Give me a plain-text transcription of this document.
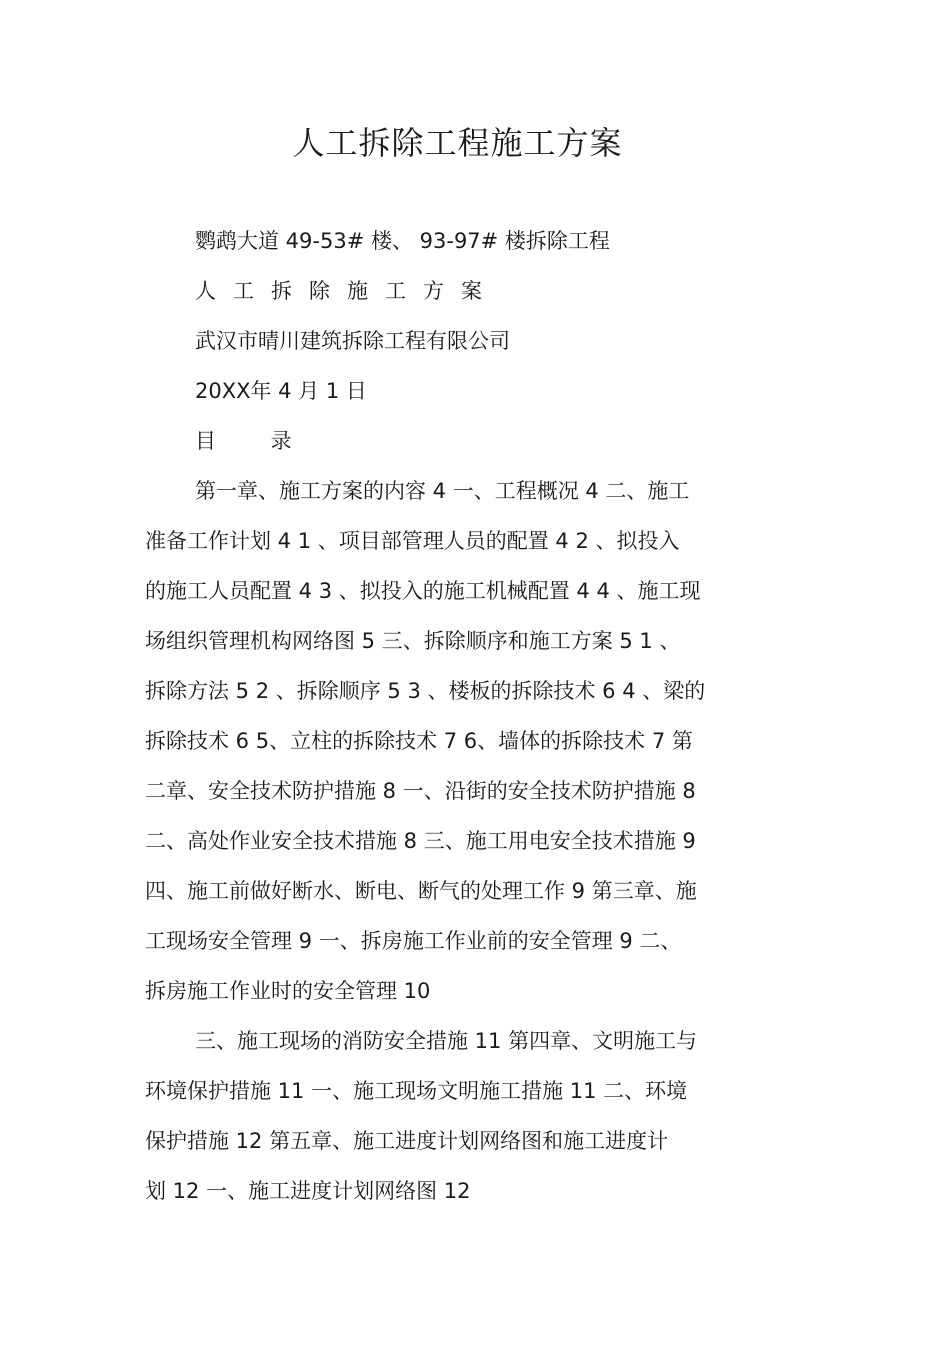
人工拆除工程施工方案
鹦鹉大道 49-53# 楼、 93-97# 楼拆除工程
人工拆除施工方案
武汉市晴川建筑拆除工程有限公司
20XX年 4 月 1 日
目 录
第一章、施工方案的内容 4 一、工程概况 4 二、施工
准备工作计划 4 1 、项目部管理人员的配置 4 2 、拟投入
的施工人员配置 4 3 、拟投入的施工机械配置 4 4 、施工现
场组织管理机构网络图 5 三、拆除顺序和施工方案 5 1 、
拆除方法 5 2 、拆除顺序 5 3 、楼板的拆除技术 6 4 、梁的
拆除技术 6 5、立柱的拆除技术 7 6、墙体的拆除技术 7 第
二章、安全技术防护措施 8 一、沿街的安全技术防护措施 8
二、高处作业安全技术措施 8 三、施工用电安全技术措施 9
四、施工前做好断水、断电、断气的处理工作 9 第三章、施
工现场安全管理 9 一、拆房施工作业前的安全管理 9 二、
拆房施工作业时的安全管理 10
三、施工现场的消防安全措施 11 第四章、文明施工与
环境保护措施 11 一、施工现场文明施工措施 11 二、环境
保护措施 12 第五章、施工进度计划网络图和施工进度计
划 12 一、施工进度计划网络图 12
